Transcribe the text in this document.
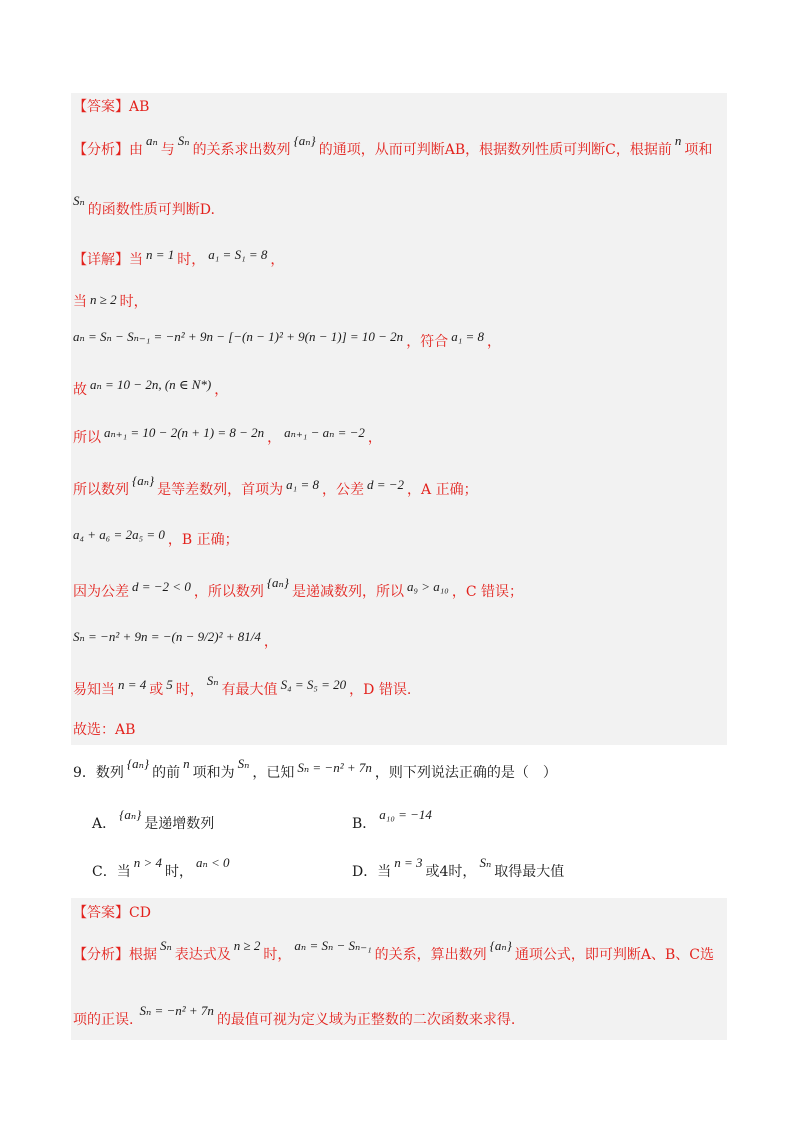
【答案】AB
【分析】由aₙ与Sₙ的关系求出数列{aₙ}的通项，从而可判断AB，根据数列性质可判断C，根据前n项和
Sₙ的函数性质可判断D.
【详解】当 n = 1 时， a₁ = S₁ = 8 ，
当 n ≥ 2 时，
aₙ = Sₙ − Sₙ₋₁ = −n² + 9n − [−(n − 1)² + 9(n − 1)] = 10 − 2n ，符合 a₁ = 8 ，
故 aₙ = 10 − 2n, (n ∈ N*) ，
所以 aₙ₊₁ = 10 − 2(n + 1) = 8 − 2n ， aₙ₊₁ − aₙ = −2 ，
所以数列{aₙ}是等差数列，首项为 a₁ = 8 ，公差 d = −2 ，A 正确；
a₄ + a₆ = 2a₅ = 0 ，B 正确；
因为公差 d = −2 < 0 ，所以数列{aₙ}是递减数列，所以 a₉ > a₁₀ ，C 错误；
Sₙ = −n² + 9n = −(n − 9/2)² + 81/4 ，
易知当 n = 4 或 5 时，Sₙ有最大值 S₄ = S₅ = 20 ，D 错误.
故选：AB
9．数列{aₙ}的前n项和为Sₙ，已知 Sₙ = −n² + 7n ，则下列说法正确的是（　）
A．{aₙ}是递增数列	B．a₁₀ = −14
C．当n > 4时，aₙ < 0
D．当n = 3或4时，Sₙ取得最大值
【答案】CD
【分析】根据Sₙ表达式及n ≥ 2时，aₙ = Sₙ − Sₙ₋₁的关系，算出数列{aₙ}通项公式，即可判断A、B、C选
项的正误.Sₙ = −n² + 7n的最值可视为定义域为正整数的二次函数来求得.
